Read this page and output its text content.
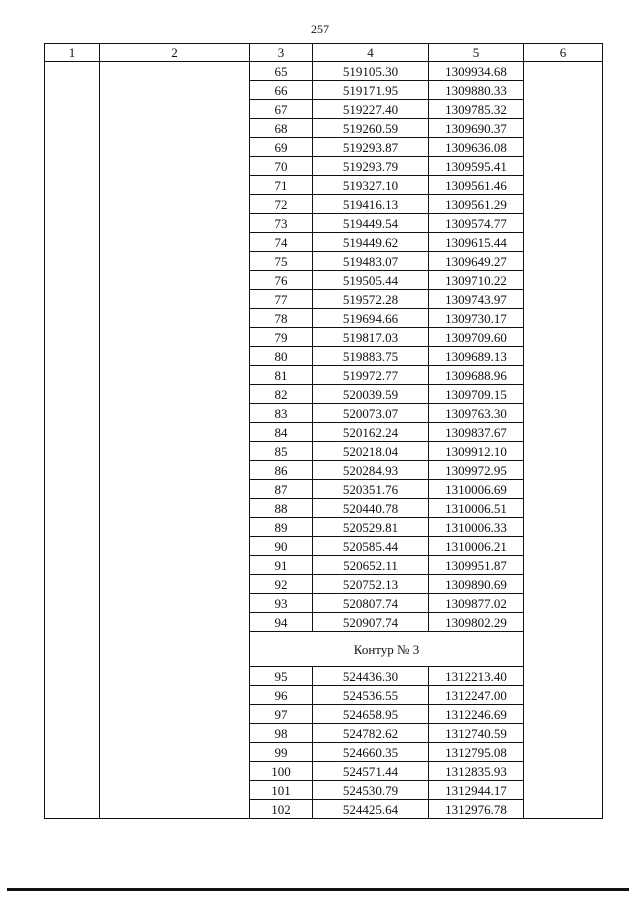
257
1	2	3	4	5	6
		65	519105.30	1309934.68	
		66	519171.95	1309880.33	
		67	519227.40	1309785.32	
		68	519260.59	1309690.37	
		69	519293.87	1309636.08	
		70	519293.79	1309595.41	
		71	519327.10	1309561.46	
		72	519416.13	1309561.29	
		73	519449.54	1309574.77	
		74	519449.62	1309615.44	
		75	519483.07	1309649.27	
		76	519505.44	1309710.22	
		77	519572.28	1309743.97	
		78	519694.66	1309730.17	
		79	519817.03	1309709.60	
		80	519883.75	1309689.13	
		81	519972.77	1309688.96	
		82	520039.59	1309709.15	
		83	520073.07	1309763.30	
		84	520162.24	1309837.67	
		85	520218.04	1309912.10	
		86	520284.93	1309972.95	
		87	520351.76	1310006.69	
		88	520440.78	1310006.51	
		89	520529.81	1310006.33	
		90	520585.44	1310006.21	
		91	520652.11	1309951.87	
		92	520752.13	1309890.69	
		93	520807.74	1309877.02	
		94	520907.74	1309802.29	
		Контур № 3			
		95	524436.30	1312213.40	
		96	524536.55	1312247.00	
		97	524658.95	1312246.69	
		98	524782.62	1312740.59	
		99	524660.35	1312795.08	
		100	524571.44	1312835.93	
		101	524530.79	1312944.17	
		102	524425.64	1312976.78	
